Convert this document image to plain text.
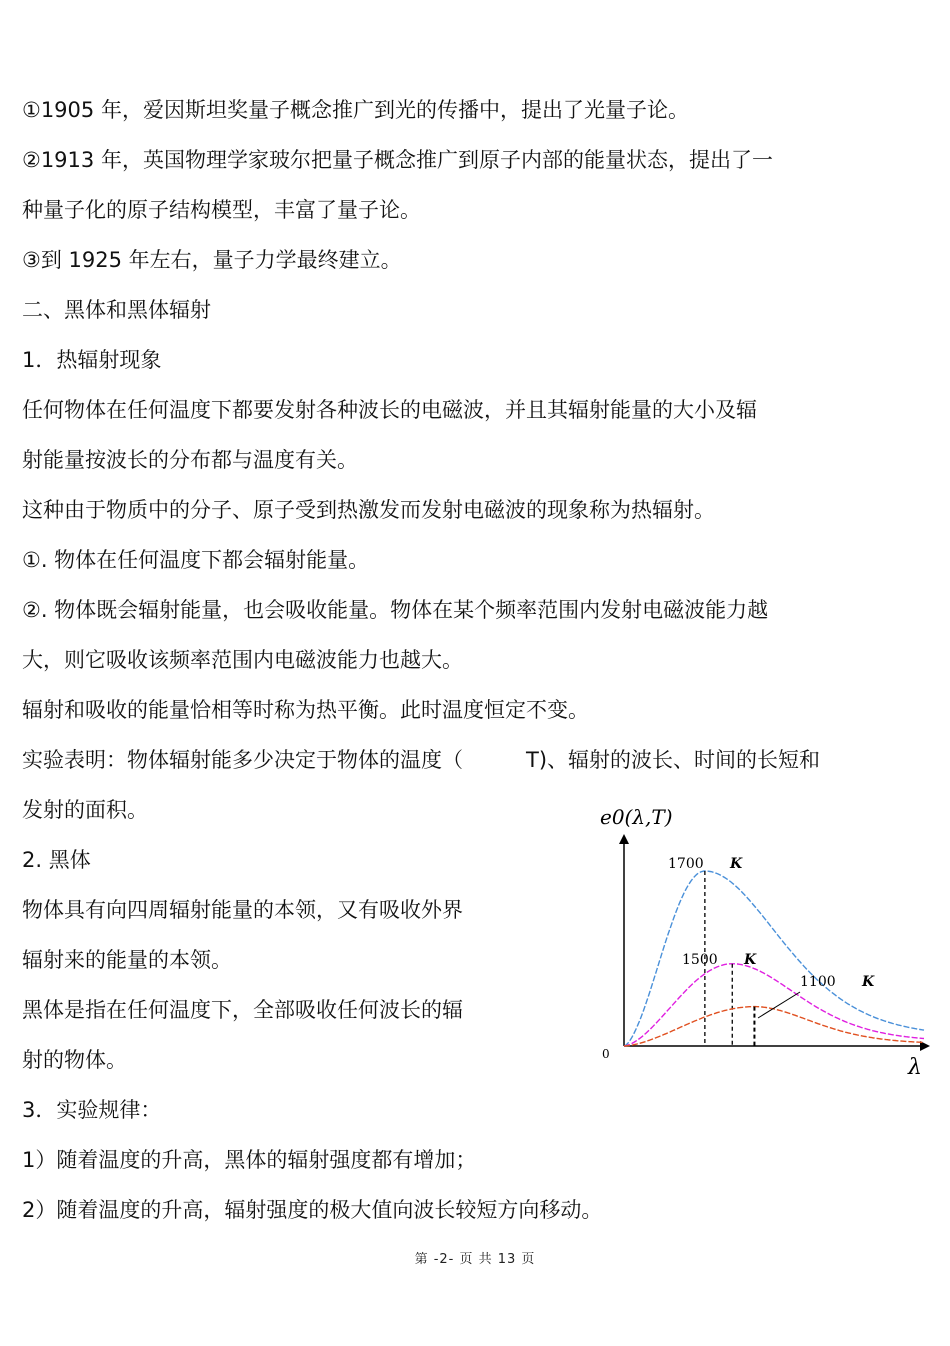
①1905 年，爱因斯坦奖量子概念推广到光的传播中，提出了光量子论。
②1913 年，英国物理学家玻尔把量子概念推广到原子内部的能量状态，提出了一
种量子化的原子结构模型，丰富了量子论。
③到 1925 年左右，量子力学最终建立。
二、黑体和黑体辐射
1．热辐射现象
任何物体在任何温度下都要发射各种波长的电磁波，并且其辐射能量的大小及辐
射能量按波长的分布都与温度有关。
这种由于物质中的分子、原子受到热激发而发射电磁波的现象称为热辐射。
①. 物体在任何温度下都会辐射能量。
②. 物体既会辐射能量，也会吸收能量。物体在某个频率范围内发射电磁波能力越
大，则它吸收该频率范围内电磁波能力也越大。
辐射和吸收的能量恰相等时称为热平衡。此时温度恒定不变。
实验表明：物体辐射能多少决定于物体的温度（　　　T)、辐射的波长、时间的长短和
发射的面积。
2. 黑体
物体具有向四周辐射能量的本领，又有吸收外界
辐射来的能量的本领。
黑体是指在任何温度下，全部吸收任何波长的辐
射的物体。
3．实验规律：
1）随着温度的升高，黑体的辐射强度都有增加；
2）随着温度的升高，辐射强度的极大值向波长较短方向移动。
e0(λ,T)
0
λ
1700 K
1500 K
1100 K
第 -2- 页 共 13 页
